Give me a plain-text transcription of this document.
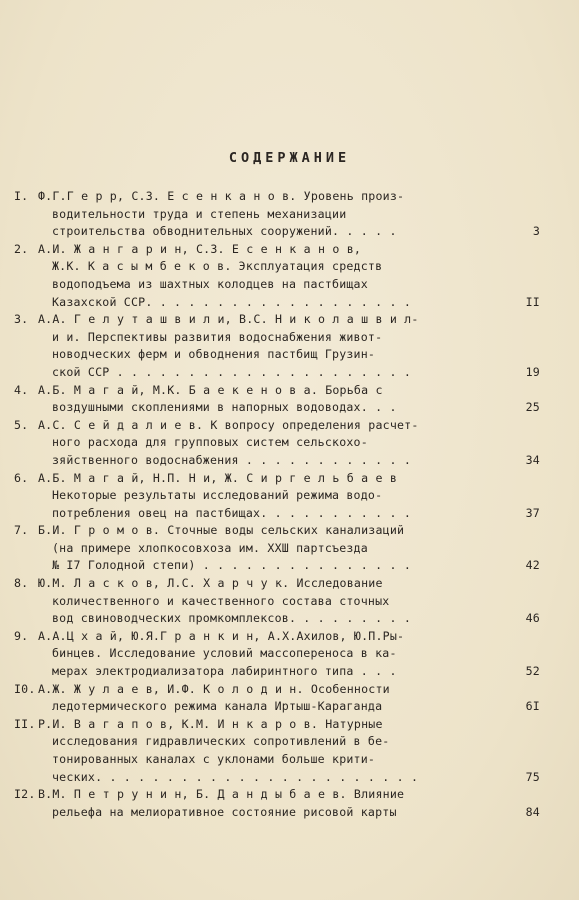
СОДЕРЖАНИЕ
I. Ф.Г.Г е р р, С.З. Е с е н к а н о в. Уровень произ-
водительности труда и степень механизации
строительства обводнительных сооружений. . . . .	3
2. А.И. Ж а н г а р и н, С.З. Е с е н к а н о в,
Ж.К. К а с ы м б е к о в. Эксплуатация средств
водоподъема из шахтных колодцев на пастбищах
Казахской ССР. . . . . . . . . . . . . . . . . . .	II
3. А.А. Г е л у т а ш в и л и, В.С. Н и к о л а ш в и л-
и и. Перспективы развития водоснабжения живот-
новодческих ферм и обводнения пастбищ Грузин-
ской ССР . . . . . . . . . . . . . . . . . . . . .	19
4. А.Б. М а г а й, М.К. Б а е к е н о в а. Борьба с
воздушными скоплениями в напорных водоводах. . .	25
5. А.С. С е й д а л и е в. К вопросу определения расчет-
ного расхода для групповых систем сельскохо-
зяйственного водоснабжения . . . . . . . . . . . .	34
6. А.Б. М а г а й, Н.П. Н и, Ж. С и р г е л ь б а е в
Некоторые результаты исследований режима водо-
потребления овец на пастбищах. . . . . . . . . . .	37
7. Б.И. Г р о м о в. Сточные воды сельских канализаций
(на примере хлопкосовхоза им. XXШ партсъезда
№ I7 Голодной степи) . . . . . . . . . . . . . . .	42
8. Ю.М. Л а с к о в, Л.С. Х а р ч у к. Исследование
количественного и качественного состава сточных
вод свиноводческих промкомплексов. . . . . . . . .	46
9. А.А.Ц х а й, Ю.Я.Г р а н к и н, А.Х.Ахилов, Ю.П.Ры-
бинцев. Исследование условий массопереноса в ка-
мерах электродиализатора лабиринтного типа . . .	52
I0. А.Ж. Ж у л а е в, И.Ф. К о л о д и н. Особенности
ледотермического режима канала Иртыш-Караганда	6I
II. Р.И. В а г а п о в, К.М. И н к а р о в. Натурные
исследования гидравлических сопротивлений в бе-
тонированных каналах с уклонами больше крити-
ческих. . . . . . . . . . . . . . . . . . . . . . .	75
I2. В.М. П е т р у н и н, Б. Д а н д ы б а е в. Влияние
рельефа на мелиоративное состояние рисовой карты	84
